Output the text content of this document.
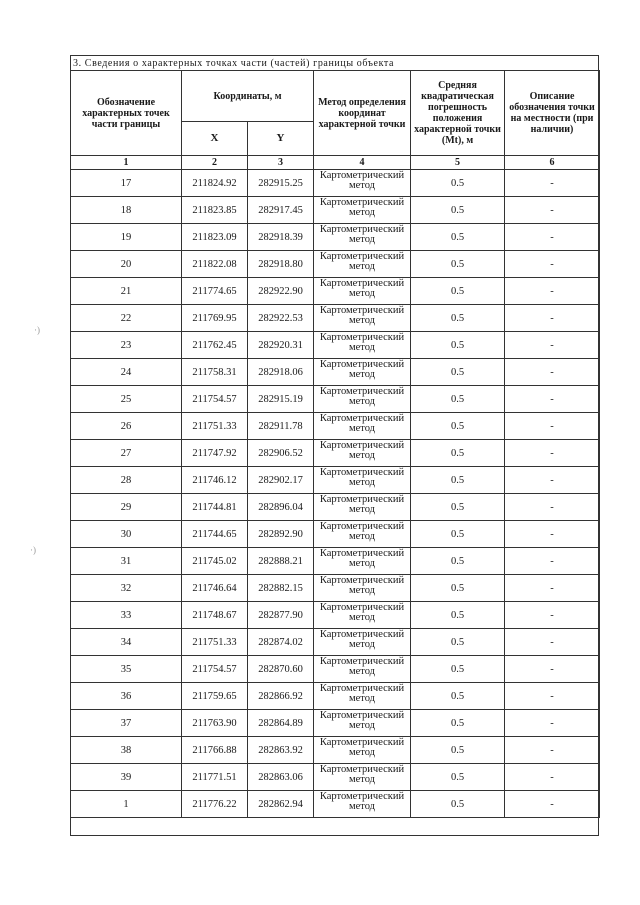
3. Сведения о характерных точках части (частей) границы объекта
·)
·)
Обозначение характерных точек части границы	Координаты, м		Метод определения координат характерной точки	Средняя квадратическая погрешность положения характерной точки (Mt), м	Описание обозначения точки на местности (при наличии)
	X	Y			
1	2	3	4	5	6
17	211824.92	282915.25	Картометрический метод	0.5	-
18	211823.85	282917.45	Картометрический метод	0.5	-
19	211823.09	282918.39	Картометрический метод	0.5	-
20	211822.08	282918.80	Картометрический метод	0.5	-
21	211774.65	282922.90	Картометрический метод	0.5	-
22	211769.95	282922.53	Картометрический метод	0.5	-
23	211762.45	282920.31	Картометрический метод	0.5	-
24	211758.31	282918.06	Картометрический метод	0.5	-
25	211754.57	282915.19	Картометрический метод	0.5	-
26	211751.33	282911.78	Картометрический метод	0.5	-
27	211747.92	282906.52	Картометрический метод	0.5	-
28	211746.12	282902.17	Картометрический метод	0.5	-
29	211744.81	282896.04	Картометрический метод	0.5	-
30	211744.65	282892.90	Картометрический метод	0.5	-
31	211745.02	282888.21	Картометрический метод	0.5	-
32	211746.64	282882.15	Картометрический метод	0.5	-
33	211748.67	282877.90	Картометрический метод	0.5	-
34	211751.33	282874.02	Картометрический метод	0.5	-
35	211754.57	282870.60	Картометрический метод	0.5	-
36	211759.65	282866.92	Картометрический метод	0.5	-
37	211763.90	282864.89	Картометрический метод	0.5	-
38	211766.88	282863.92	Картометрический метод	0.5	-
39	211771.51	282863.06	Картометрический метод	0.5	-
1	211776.22	282862.94	Картометрический метод	0.5	-
